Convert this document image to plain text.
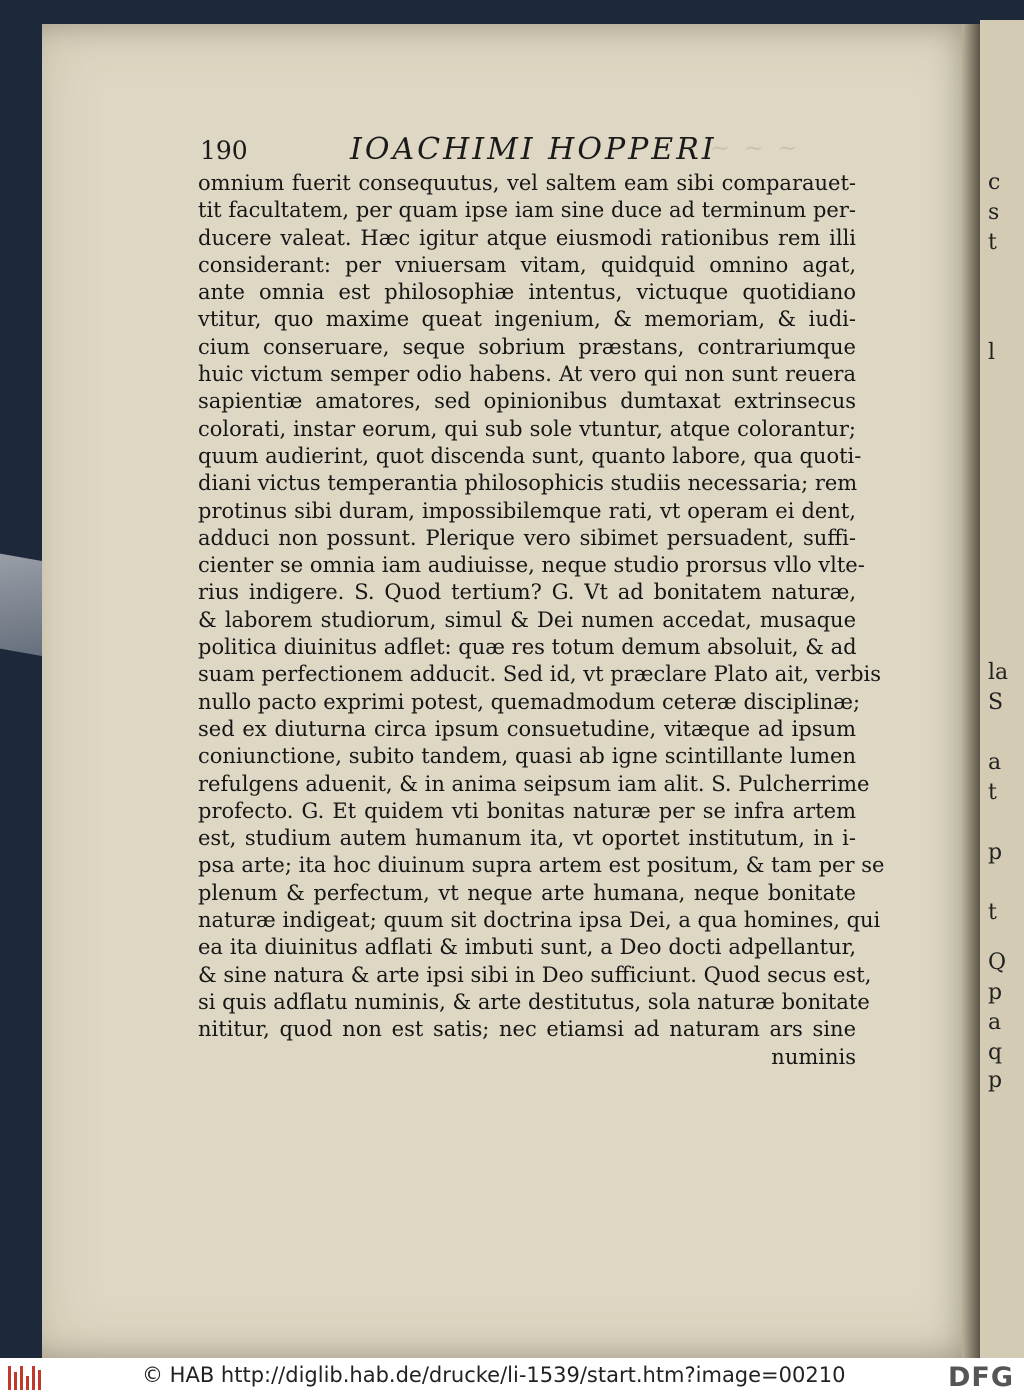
c
s
t
l
la
S
a
t
p
t
Q
p
a
q
p
190	IOACHIMI HOPPERI
~ ~ ~
omnium fuerit consequutus, vel saltem eam sibi comparauet-
tit facultatem, per quam ipse iam sine duce ad terminum per-
ducere valeat. Hæc igitur atque eiusmodi rationibus rem illi
considerant: per vniuersam vitam, quidquid omnino agat,
ante omnia est philosophiæ intentus, victuque quotidiano
vtitur, quo maxime queat ingenium, & memoriam, & iudi-
cium conseruare, seque sobrium præstans, contrariumque
huic victum semper odio habens. At vero qui non sunt reuera
sapientiæ amatores, sed opinionibus dumtaxat extrinsecus
colorati, instar eorum, qui sub sole vtuntur, atque colorantur;
quum audierint, quot discenda sunt, quanto labore, qua quoti-
diani victus temperantia philosophicis studiis necessaria; rem
protinus sibi duram, impossibilemque rati, vt operam ei dent,
adduci non possunt. Plerique vero sibimet persuadent, suffi-
cienter se omnia iam audiuisse, neque studio prorsus vllo vlte-
rius indigere. S. Quod tertium? G. Vt ad bonitatem naturæ,
& laborem studiorum, simul & Dei numen accedat, musaque
politica diuinitus adflet: quæ res totum demum absoluit, & ad
suam perfectionem adducit. Sed id, vt præclare Plato ait, verbis
nullo pacto exprimi potest, quemadmodum ceteræ disciplinæ;
sed ex diuturna circa ipsum consuetudine, vitæque ad ipsum
coniunctione, subito tandem, quasi ab igne scintillante lumen
refulgens aduenit, & in anima seipsum iam alit. S. Pulcherrime
profecto. G. Et quidem vti bonitas naturæ per se infra artem
est, studium autem humanum ita, vt oportet institutum, in i-
psa arte; ita hoc diuinum supra artem est positum, & tam per se
plenum & perfectum, vt neque arte humana, neque bonitate
naturæ indigeat; quum sit doctrina ipsa Dei, a qua homines, qui
ea ita diuinitus adflati & imbuti sunt, a Deo docti adpellantur,
& sine natura & arte ipsi sibi in Deo sufficiunt. Quod secus est,
si quis adflatu numinis, & arte destitutus, sola naturæ bonitate
nititur, quod non est satis; nec etiamsi ad naturam ars sine
numinis
© HAB http://diglib.hab.de/drucke/li-1539/start.htm?image=00210	DFG
